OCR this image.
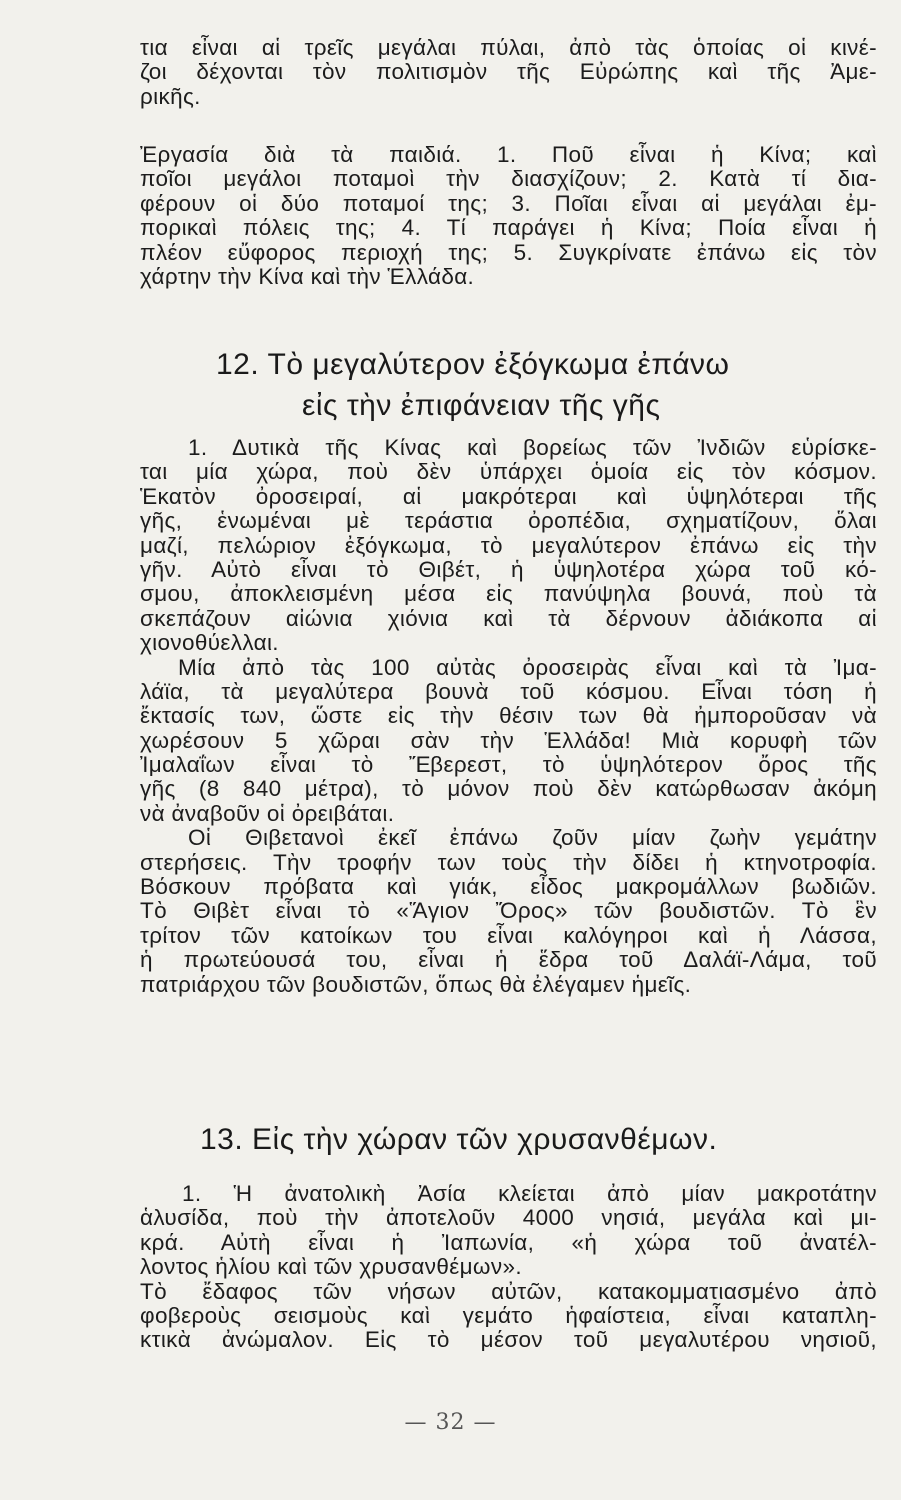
τια εἶναι αἱ τρεῖς μεγάλαι πύλαι, ἀπὸ τὰς ὁποίας οἱ κινέ-
ζοι δέχονται τὸν πολιτισμὸν τῆς Εὐρώπης καὶ τῆς Ἀμε-
ρικῆς.
Ἐργασία διὰ τὰ παιδιά. 1. Ποῦ εἶναι ἡ Κίνα; καὶ
ποῖοι μεγάλοι ποταμοὶ τὴν διασχίζουν; 2. Κατὰ τί δια-
φέρουν οἱ δύο ποταμοί της; 3. Ποῖαι εἶναι αἱ μεγάλαι ἐμ-
πορικαὶ πόλεις της; 4. Τί παράγει ἡ Κίνα; Ποία εἶναι ἡ
πλέον εὔφορος περιοχή της; 5. Συγκρίνατε ἐπάνω εἰς τὸν
χάρτην τὴν Κίνα καὶ τὴν Ἑλλάδα.
12. Τὸ μεγαλύτερον ἐξόγκωμα ἐπάνω
εἰς τὴν ἐπιφάνειαν τῆς γῆς
1. Δυτικὰ τῆς Κίνας καὶ βορείως τῶν Ἰνδιῶν εὑρίσκε-
ται μία χώρα, ποὺ δὲν ὑπάρχει ὁμοία εἰς τὸν κόσμον.
Ἑκατὸν ὀροσειραί, αἱ μακρότεραι καὶ ὑψηλότεραι τῆς
γῆς, ἑνωμέναι μὲ τεράστια ὀροπέδια, σχηματίζουν, ὅλαι
μαζί, πελώριον ἐξόγκωμα, τὸ μεγαλύτερον ἐπάνω εἰς τὴν
γῆν. Αὐτὸ εἶναι τὸ Θιβέτ, ἡ ὑψηλοτέρα χώρα τοῦ κό-
σμου, ἀποκλεισμένη μέσα εἰς πανύψηλα βουνά, ποὺ τὰ
σκεπάζουν αἰώνια χιόνια καὶ τὰ δέρνουν ἀδιάκοπα αἱ
χιονοθύελλαι.
Μία ἀπὸ τὰς 100 αὐτὰς ὀροσειρὰς εἶναι καὶ τὰ Ἰμα-
λάϊα, τὰ μεγαλύτερα βουνὰ τοῦ κόσμου. Εἶναι τόση ἡ
ἔκτασίς των, ὥστε εἰς τὴν θέσιν των θὰ ἠμποροῦσαν νὰ
χωρέσουν 5 χῶραι σὰν τὴν Ἑλλάδα! Μιὰ κορυφὴ τῶν
Ἰμαλαΐων εἶναι τὸ Ἔβερεστ, τὸ ὑψηλότερον ὄρος τῆς
γῆς (8 840 μέτρα), τὸ μόνον ποὺ δὲν κατώρθωσαν ἀκόμη
νὰ ἀναβοῦν οἱ ὀρειβάται.
Οἱ Θιβετανοὶ ἐκεῖ ἐπάνω ζοῦν μίαν ζωὴν γεμάτην
στερήσεις. Τὴν τροφήν των τοὺς τὴν δίδει ἡ κτηνοτροφία.
Βόσκουν πρόβατα καὶ γιάκ, εἶδος μακρομάλλων βωδιῶν.
Τὸ Θιβὲτ εἶναι τὸ «Ἅγιον Ὄρος» τῶν βουδιστῶν. Τὸ ἓν
τρίτον τῶν κατοίκων του εἶναι καλόγηροι καὶ ἡ Λάσσα,
ἡ πρωτεύουσά του, εἶναι ἡ ἕδρα τοῦ Δαλάϊ-Λάμα, τοῦ
πατριάρχου τῶν βουδιστῶν, ὅπως θὰ ἐλέγαμεν ἡμεῖς.
13. Εἰς τὴν χώραν τῶν χρυσανθέμων.
1. Ἡ ἀνατολικὴ Ἀσία κλείεται ἀπὸ μίαν μακροτάτην
ἁλυσίδα, ποὺ τὴν ἀποτελοῦν 4000 νησιά, μεγάλα καὶ μι-
κρά. Αὐτὴ εἶναι ἡ Ἰαπωνία, «ἡ χώρα τοῦ ἀνατέλ-
λοντος ἡλίου καὶ τῶν χρυσανθέμων».
Τὸ ἔδαφος τῶν νήσων αὐτῶν, κατακομματιασμένο ἀπὸ
φοβεροὺς σεισμοὺς καὶ γεμάτο ἡφαίστεια, εἶναι καταπλη-
κτικὰ ἀνώμαλον. Εἰς τὸ μέσον τοῦ μεγαλυτέρου νησιοῦ,
— 32 —
